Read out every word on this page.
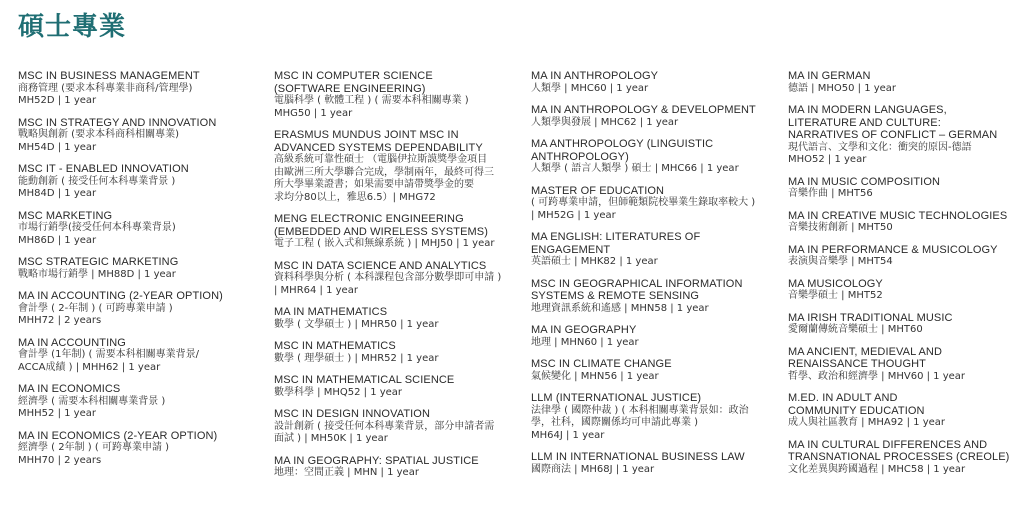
碩士專業
MSC IN BUSINESS MANAGEMENT
商務管理 (要求本科專業非商科/管理學)
MH52D | 1 year
MSC IN STRATEGY AND INNOVATION
戰略與創新 (要求本科商科相關專業)
MH54D | 1 year
MSC IT - ENABLED INNOVATION
能動創新 ( 接受任何本科專業背景 )
MH84D | 1 year
MSC MARKETING
市場行銷學(接受任何本科專業背景)
MH86D | 1 year
MSC STRATEGIC MARKETING
戰略市場行銷學 | MH88D | 1 year
MA IN ACCOUNTING (2-YEAR OPTION)
會計學 ( 2-年制 ) ( 可跨專業申請 )
MHH72 | 2 years
MA IN ACCOUNTING
會計學 (1年制) ( 需要本科相關專業背景/
ACCA成績 ) | MHH62 | 1 year
MA IN ECONOMICS
經濟學 ( 需要本科相關專業背景 )
MHH52 | 1 year
MA IN ECONOMICS (2-YEAR OPTION)
經濟學 ( 2年制 ) ( 可跨專業申請 )
MHH70 | 2 years
MSC IN COMPUTER SCIENCE
(SOFTWARE ENGINEERING)
電腦科學 ( 軟體工程 ) ( 需要本科相關專業 )
MHG50 | 1 year
ERASMUS MUNDUS JOINT MSC IN
ADVANCED SYSTEMS DEPENDABILITY
高級系統可靠性碩士 （電腦伊拉斯謨獎學金項目
由歐洲三所大學聯合完成，學制兩年，最終可得三
所大學畢業證書；如果需要申請帶獎學金的要
求均分80以上，雅思6.5）| MHG72
MENG ELECTRONIC ENGINEERING
(EMBEDDED AND WIRELESS SYSTEMS)
電子工程 ( 嵌入式和無線系統 ) | MHJ50 | 1 year
MSC IN DATA SCIENCE AND ANALYTICS
資料科學與分析 ( 本科課程包含部分數學即可申請 )
| MHR64 | 1 year
MA IN MATHEMATICS
數學 ( 文學碩士 ) | MHR50 | 1 year
MSC IN MATHEMATICS
數學 ( 理學碩士 ) | MHR52 | 1 year
MSC IN MATHEMATICAL SCIENCE
數學科學 | MHQ52 | 1 year
MSC IN DESIGN INNOVATION
設計創新 ( 接受任何本科專業背景，部分申請者需
面試 ) | MH50K | 1 year
MA IN GEOGRAPHY: SPATIAL JUSTICE
地理：空間正義 | MHN | 1 year
MA IN ANTHROPOLOGY
人類學 | MHC60 | 1 year
MA IN ANTHROPOLOGY & DEVELOPMENT
人類學與發展 | MHC62 | 1 year
MA ANTHROPOLOGY (LINGUISTIC
ANTHROPOLOGY)
人類學 ( 語言人類學 ) 碩士 | MHC66 | 1 year
MASTER OF EDUCATION
( 可跨專業申請，但師範類院校畢業生錄取率較大 )
| MH52G | 1 year
MA ENGLISH: LITERATURES OF
ENGAGEMENT
英語碩士 | MHK82 | 1 year
MSC IN GEOGRAPHICAL INFORMATION
SYSTEMS & REMOTE SENSING
地理資訊系統和遙感 | MHN58 | 1 year
MA IN GEOGRAPHY
地理 | MHN60 | 1 year
MSC IN CLIMATE CHANGE
氣候變化 | MHN56 | 1 year
LLM (INTERNATIONAL JUSTICE)
法律學 ( 國際仲裁 ) ( 本科相關專業背景如：政治
學，社科，國際關係均可申請此專業 )
MH64J | 1 year
LLM IN INTERNATIONAL BUSINESS LAW
國際商法 | MH68J | 1 year
MA IN GERMAN
德語 | MHO50 | 1 year
MA IN MODERN LANGUAGES,
LITERATURE AND CULTURE:
NARRATIVES OF CONFLICT – GERMAN
現代語言、文學和文化：衝突的原因-德語
MHO52 | 1 year
MA IN MUSIC COMPOSITION
音樂作曲 | MHT56
MA IN CREATIVE MUSIC TECHNOLOGIES
音樂技術創新 | MHT50
MA IN PERFORMANCE & MUSICOLOGY
表演與音樂學 | MHT54
MA MUSICOLOGY
音樂學碩士 | MHT52
MA IRISH TRADITIONAL MUSIC
愛爾蘭傳統音樂碩士 | MHT60
MA ANCIENT, MEDIEVAL AND
RENAISSANCE THOUGHT
哲學、政治和經濟學 | MHV60 | 1 year
M.ED. IN ADULT AND
COMMUNITY EDUCATION
成人與社區教育 | MHA92 | 1 year
MA IN CULTURAL DIFFERENCES AND
TRANSNATIONAL PROCESSES (CREOLE)
文化差異與跨國過程 | MHC58 | 1 year
